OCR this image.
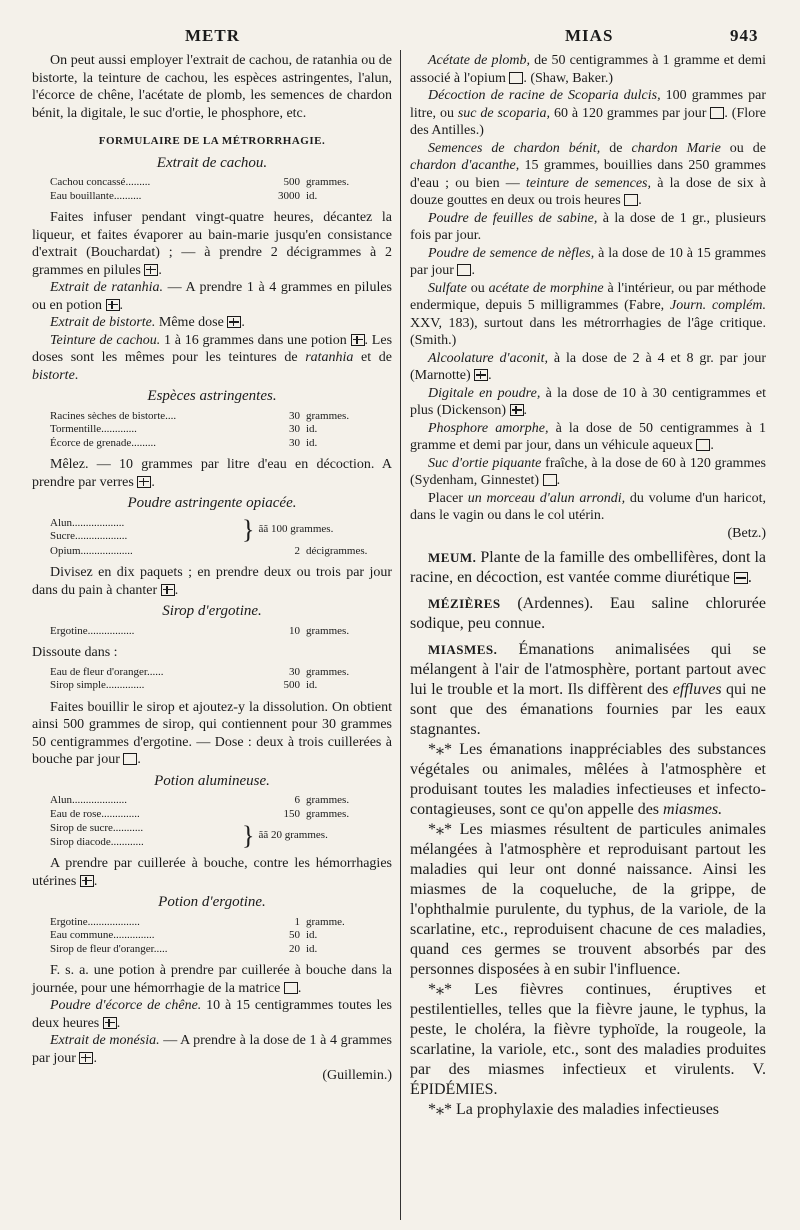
METR	MIAS	943

On peut aussi employer l'extrait de cachou, de ratanhia ou de bistorte, la teinture de cachou, les espèces astringentes, l'alun, l'écorce de chêne, l'acétate de plomb, les semences de chardon bénit, la digitale, le suc d'ortie, le phosphore, etc.

FORMULAIRE DE LA MÉTRORRHAGIE.

Extrait de cachou.

Cachou concassé.........	500 grammes.
Eau bouillante..........	3000 id.

Faites infuser pendant vingt-quatre heures, décantez la liqueur, et faites évaporer au bain-marie jusqu'en consistance d'extrait (Bouchardat) ; — à prendre 2 décigrammes à 2 grammes en pilules .

Extrait de ratanhia. — A prendre 1 à 4 grammes en pilules ou en potion .

Extrait de bistorte. Même dose .

Teinture de cachou. 1 à 16 grammes dans une potion . Les doses sont les mêmes pour les teintures de ratanhia et de bistorte.

Espèces astringentes.

Racines sèches de bistorte....	30 grammes.
Tormentille.............	30 id.
Écorce de grenade.........	30 id.

Mêlez. — 10 grammes par litre d'eau en décoction. A prendre par verres .

Poudre astringente opiacée.

Alun...................
Sucre...................	} ãã 100 grammes.
Opium...................	2 décigrammes.

Divisez en dix paquets ; en prendre deux ou trois par jour dans du pain à chanter .

Sirop d'ergotine.

Ergotine.................	10 grammes.

Dissoute dans :

Eau de fleur d'oranger......	30 grammes.
Sirop simple..............	500 id.

Faites bouillir le sirop et ajoutez-y la dissolution. On obtient ainsi 500 grammes de sirop, qui contiennent pour 30 grammes 50 centigrammes d'ergotine. — Dose : deux à trois cuillerées à bouche par jour .

Potion alumineuse.

Alun....................	6 grammes.
Eau de rose..............	150 grammes.
Sirop de sucre...........
Sirop diacode............	} ãã 20 grammes.

A prendre par cuillerée à bouche, contre les hémorrhagies utérines .

Potion d'ergotine.

Ergotine...................	1 gramme.
Eau commune...............	50 id.
Sirop de fleur d'oranger.....	20 id.

F. s. a. une potion à prendre par cuillerée à bouche dans la journée, pour une hémorrhagie de la matrice .

Poudre d'écorce de chêne. 10 à 15 centigrammes toutes les deux heures .

Extrait de monésia. — A prendre à la dose de 1 à 4 grammes par jour .

(Guillemin.)

Acétate de plomb, de 50 centigrammes à 1 gramme et demi associé à l'opium . (Shaw, Baker.)

Décoction de racine de Scoparia dulcis, 100 grammes par litre, ou suc de scoparia, 60 à 120 grammes par jour . (Flore des Antilles.)

Semences de chardon bénit, de chardon Marie ou de chardon d'acanthe, 15 grammes, bouillies dans 250 grammes d'eau ; ou bien — teinture de semences, à la dose de six à douze gouttes en deux ou trois heures .

Poudre de feuilles de sabine, à la dose de 1 gr., plusieurs fois par jour.

Poudre de semence de nèfles, à la dose de 10 à 15 grammes par jour .

Sulfate ou acétate de morphine à l'intérieur, ou par méthode endermique, depuis 5 milligrammes (Fabre, Journ. complém. XXV, 183), surtout dans les métrorrhagies de l'âge critique. (Smith.)

Alcoolature d'aconit, à la dose de 2 à 4 et 8 gr. par jour (Marnotte) .

Digitale en poudre, à la dose de 10 à 30 centigrammes et plus (Dickenson) .

Phosphore amorphe, à la dose de 50 centigrammes à 1 gramme et demi par jour, dans un véhicule aqueux .

Suc d'ortie piquante fraîche, à la dose de 60 à 120 grammes (Sydenham, Ginnestet) .

Placer un morceau d'alun arrondi, du volume d'un haricot, dans le vagin ou dans le col utérin.

(Betz.)

MEUM. Plante de la famille des ombellifères, dont la racine, en décoction, est vantée comme diurétique .

MÉZIÈRES (Ardennes). Eau saline chlorurée sodique, peu connue.

MIASMES. Émanations animalisées qui se mélangent à l'air de l'atmosphère, portant partout avec lui le trouble et la mort. Ils diffèrent des effluves qui ne sont que des émanations fournies par les eaux stagnantes.

*⁎* Les émanations inappréciables des substances végétales ou animales, mêlées à l'atmosphère et produisant toutes les maladies infectieuses et infecto-contagieuses, sont ce qu'on appelle des miasmes.

*⁎* Les miasmes résultent de particules animales mélangées à l'atmosphère et reproduisant partout les maladies qui leur ont donné naissance. Ainsi les miasmes de la coqueluche, de la grippe, de l'ophthalmie purulente, du typhus, de la variole, de la scarlatine, etc., reproduisent chacune de ces maladies, quand ces germes se trouvent absorbés par des personnes disposées à en subir l'influence.

*⁎* Les fièvres continues, éruptives et pestilentielles, telles que la fièvre jaune, le typhus, la peste, le choléra, la fièvre typhoïde, la rougeole, la scarlatine, la variole, etc., sont des maladies produites par des miasmes infectieux et virulents. V. ÉPIDÉMIES.

*⁎* La prophylaxie des maladies infectieuses
